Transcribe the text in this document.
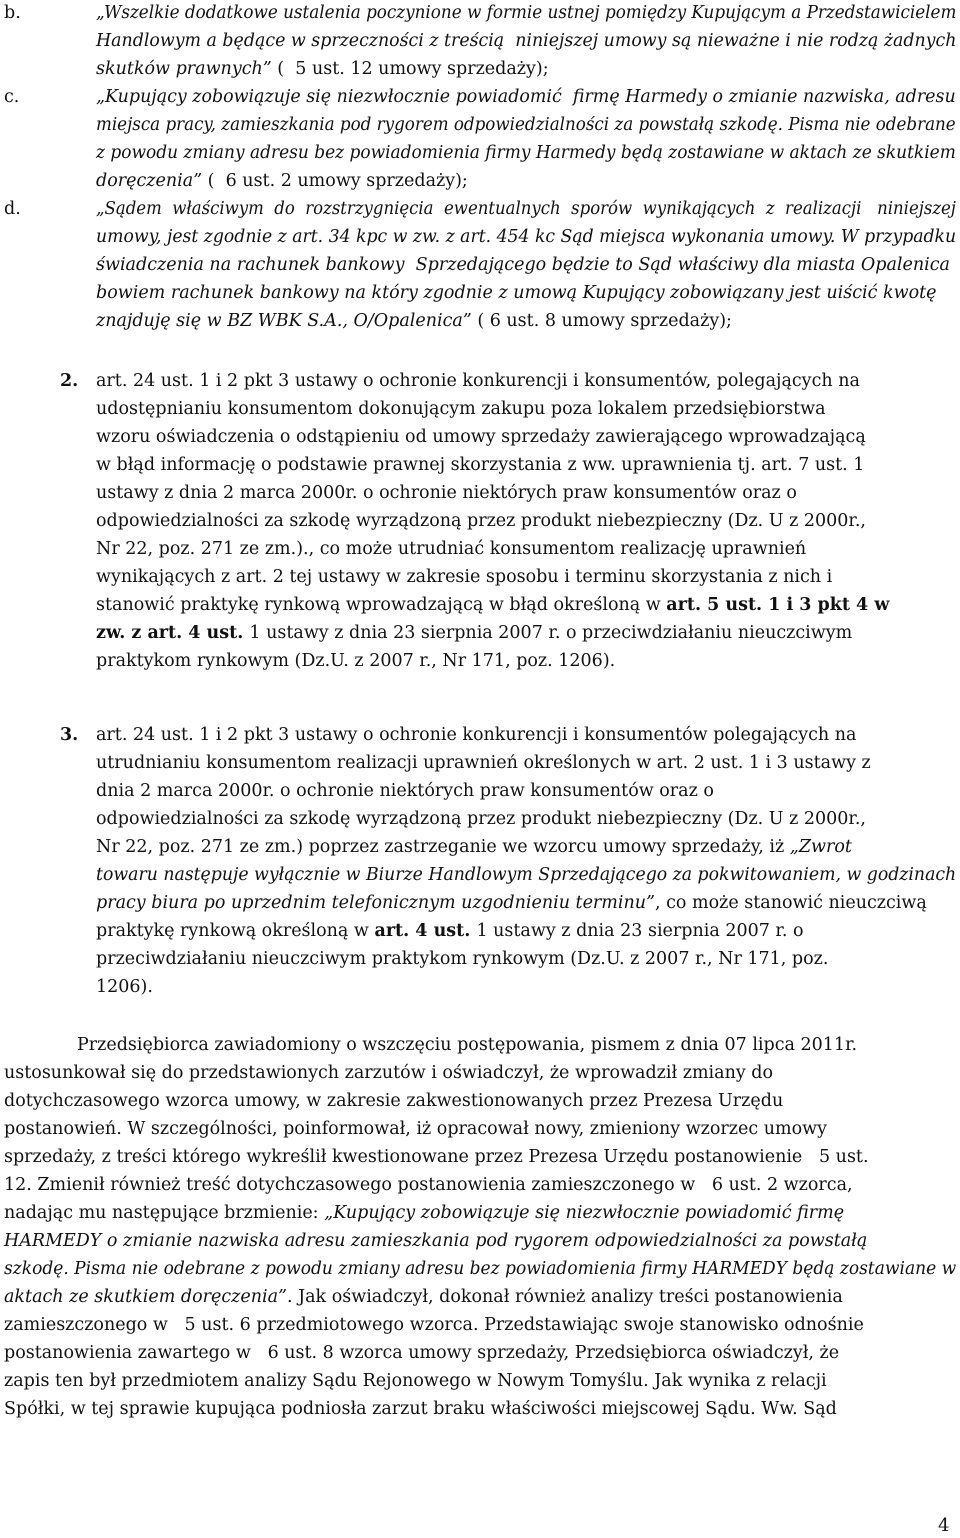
b.
c.
d.
2.
3.
„Wszelkie dodatkowe ustalenia poczynione w formie ustnej pomiędzy Kupującym a Przedstawicielem
Handlowym a będące w sprzeczności z treścią  niniejszej umowy są nieważne i nie rodzą żadnych
skutków prawnych” (  5 ust. 12 umowy sprzedaży);
„Kupujący zobowiązuje się niezwłocznie powiadomić  firmę Harmedy o zmianie nazwiska, adresu
miejsca pracy, zamieszkania pod rygorem odpowiedzialności za powstałą szkodę. Pisma nie odebrane
z powodu zmiany adresu bez powiadomienia firmy Harmedy będą zostawiane w aktach ze skutkiem
doręczenia” (  6 ust. 2 umowy sprzedaży);
„Sądem  właściwym  do  rozstrzygnięcia  ewentualnych  sporów  wynikających  z  realizacji   niniejszej
umowy, jest zgodnie z art. 34 kpc w zw. z art. 454 kc Sąd miejsca wykonania umowy. W przypadku
świadczenia na rachunek bankowy  Sprzedającego będzie to Sąd właściwy dla miasta Opalenica
bowiem rachunek bankowy na który zgodnie z umową Kupujący zobowiązany jest uiścić kwotę
znajduję się w BZ WBK S.A., O/Opalenica” ( 6 ust. 8 umowy sprzedaży);
art. 24 ust. 1 i 2 pkt 3 ustawy o ochronie konkurencji i konsumentów, polegających na
udostępnianiu konsumentom dokonującym zakupu poza lokalem przedsiębiorstwa
wzoru oświadczenia o odstąpieniu od umowy sprzedaży zawierającego wprowadzającą
w błąd informację o podstawie prawnej skorzystania z ww. uprawnienia tj. art. 7 ust. 1
ustawy z dnia 2 marca 2000r. o ochronie niektórych praw konsumentów oraz o
odpowiedzialności za szkodę wyrządzoną przez produkt niebezpieczny (Dz. U z 2000r.,
Nr 22, poz. 271 ze zm.)., co może utrudniać konsumentom realizację uprawnień
wynikających z art. 2 tej ustawy w zakresie sposobu i terminu skorzystania z nich i
stanowić praktykę rynkową wprowadzającą w błąd określoną w art. 5 ust. 1 i 3 pkt 4 w
zw. z art. 4 ust. 1 ustawy z dnia 23 sierpnia 2007 r. o przeciwdziałaniu nieuczciwym
praktykom rynkowym (Dz.U. z 2007 r., Nr 171, poz. 1206).
art. 24 ust. 1 i 2 pkt 3 ustawy o ochronie konkurencji i konsumentów polegających na
utrudnianiu konsumentom realizacji uprawnień określonych w art. 2 ust. 1 i 3 ustawy z
dnia 2 marca 2000r. o ochronie niektórych praw konsumentów oraz o
odpowiedzialności za szkodę wyrządzoną przez produkt niebezpieczny (Dz. U z 2000r.,
Nr 22, poz. 271 ze zm.) poprzez zastrzeganie we wzorcu umowy sprzedaży, iż „Zwrot
towaru następuje wyłącznie w Biurze Handlowym Sprzedającego za pokwitowaniem, w godzinach
pracy biura po uprzednim telefonicznym uzgodnieniu terminu”, co może stanowić nieuczciwą
praktykę rynkową określoną w art. 4 ust. 1 ustawy z dnia 23 sierpnia 2007 r. o
przeciwdziałaniu nieuczciwym praktykom rynkowym (Dz.U. z 2007 r., Nr 171, poz.
1206).
Przedsiębiorca zawiadomiony o wszczęciu postępowania, pismem z dnia 07 lipca 2011r.
ustosunkował się do przedstawionych zarzutów i oświadczył, że wprowadził zmiany do
dotychczasowego wzorca umowy, w zakresie zakwestionowanych przez Prezesa Urzędu
postanowień. W szczególności, poinformował, iż opracował nowy, zmieniony wzorzec umowy
sprzedaży, z treści którego wykreślił kwestionowane przez Prezesa Urzędu postanowienie   5 ust.
12. Zmienił również treść dotychczasowego postanowienia zamieszczonego w   6 ust. 2 wzorca,
nadając mu następujące brzmienie: „Kupujący zobowiązuje się niezwłocznie powiadomić firmę
HARMEDY o zmianie nazwiska adresu zamieszkania pod rygorem odpowiedzialności za powstałą
szkodę. Pisma nie odebrane z powodu zmiany adresu bez powiadomienia firmy HARMEDY będą zostawiane w
aktach ze skutkiem doręczenia”. Jak oświadczył, dokonał również analizy treści postanowienia
zamieszczonego w   5 ust. 6 przedmiotowego wzorca. Przedstawiając swoje stanowisko odnośnie
postanowienia zawartego w   6 ust. 8 wzorca umowy sprzedaży, Przedsiębiorca oświadczył, że
zapis ten był przedmiotem analizy Sądu Rejonowego w Nowym Tomyślu. Jak wynika z relacji
Spółki, w tej sprawie kupująca podniosła zarzut braku właściwości miejscowej Sądu. Ww. Sąd
4
